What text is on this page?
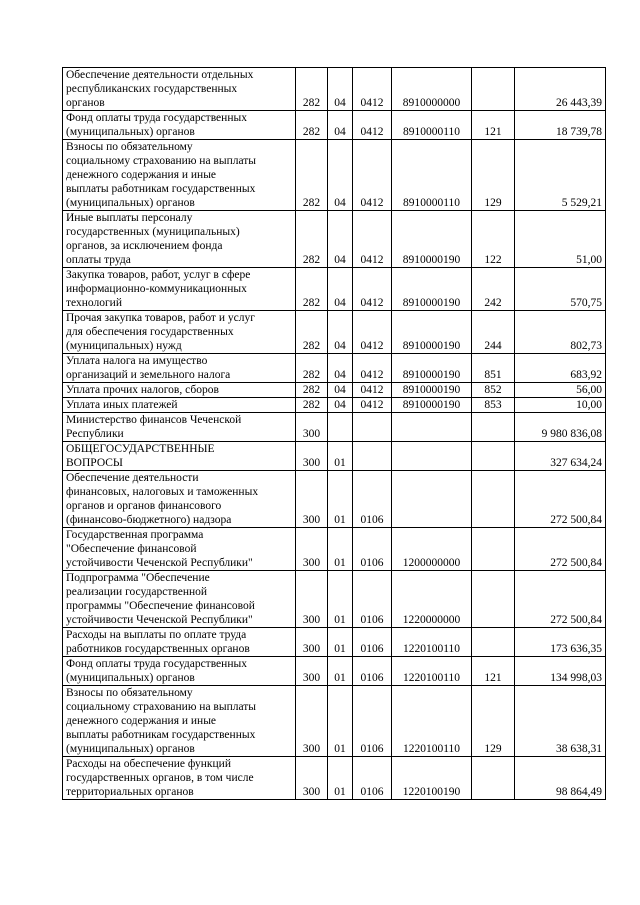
Обеспечение деятельности отдельных
республиканских государственных
органов	282	04	0412	8910000000		26 443,39
Фонд оплаты труда государственных
(муниципальных) органов	282	04	0412	8910000110	121	18 739,78
Взносы по обязательному
социальному страхованию на выплаты
денежного содержания и иные
выплаты работникам государственных
(муниципальных) органов	282	04	0412	8910000110	129	5 529,21
Иные выплаты персоналу
государственных (муниципальных)
органов, за исключением фонда
оплаты труда	282	04	0412	8910000190	122	51,00
Закупка товаров, работ, услуг в сфере
информационно-коммуникационных
технологий	282	04	0412	8910000190	242	570,75
Прочая закупка товаров, работ и услуг
для обеспечения государственных
(муниципальных) нужд	282	04	0412	8910000190	244	802,73
Уплата налога на имущество
организаций и земельного налога	282	04	0412	8910000190	851	683,92
Уплата прочих налогов, сборов	282	04	0412	8910000190	852	56,00
Уплата иных платежей	282	04	0412	8910000190	853	10,00
Министерство финансов Чеченской
Республики	300					9 980 836,08
ОБЩЕГОСУДАРСТВЕННЫЕ
ВОПРОСЫ	300	01				327 634,24
Обеспечение деятельности
финансовых, налоговых и таможенных
органов и органов финансового
(финансово-бюджетного) надзора	300	01	0106			272 500,84
Государственная программа
"Обеспечение финансовой
устойчивости Чеченской Республики"	300	01	0106	1200000000		272 500,84
Подпрограмма "Обеспечение
реализации государственной
программы "Обеспечение финансовой
устойчивости Чеченской Республики"	300	01	0106	1220000000		272 500,84
Расходы на выплаты по оплате труда
работников государственных органов	300	01	0106	1220100110		173 636,35
Фонд оплаты труда государственных
(муниципальных) органов	300	01	0106	1220100110	121	134 998,03
Взносы по обязательному
социальному страхованию на выплаты
денежного содержания и иные
выплаты работникам государственных
(муниципальных) органов	300	01	0106	1220100110	129	38 638,31
Расходы на обеспечение функций
государственных органов, в том числе
территориальных органов	300	01	0106	1220100190		98 864,49
